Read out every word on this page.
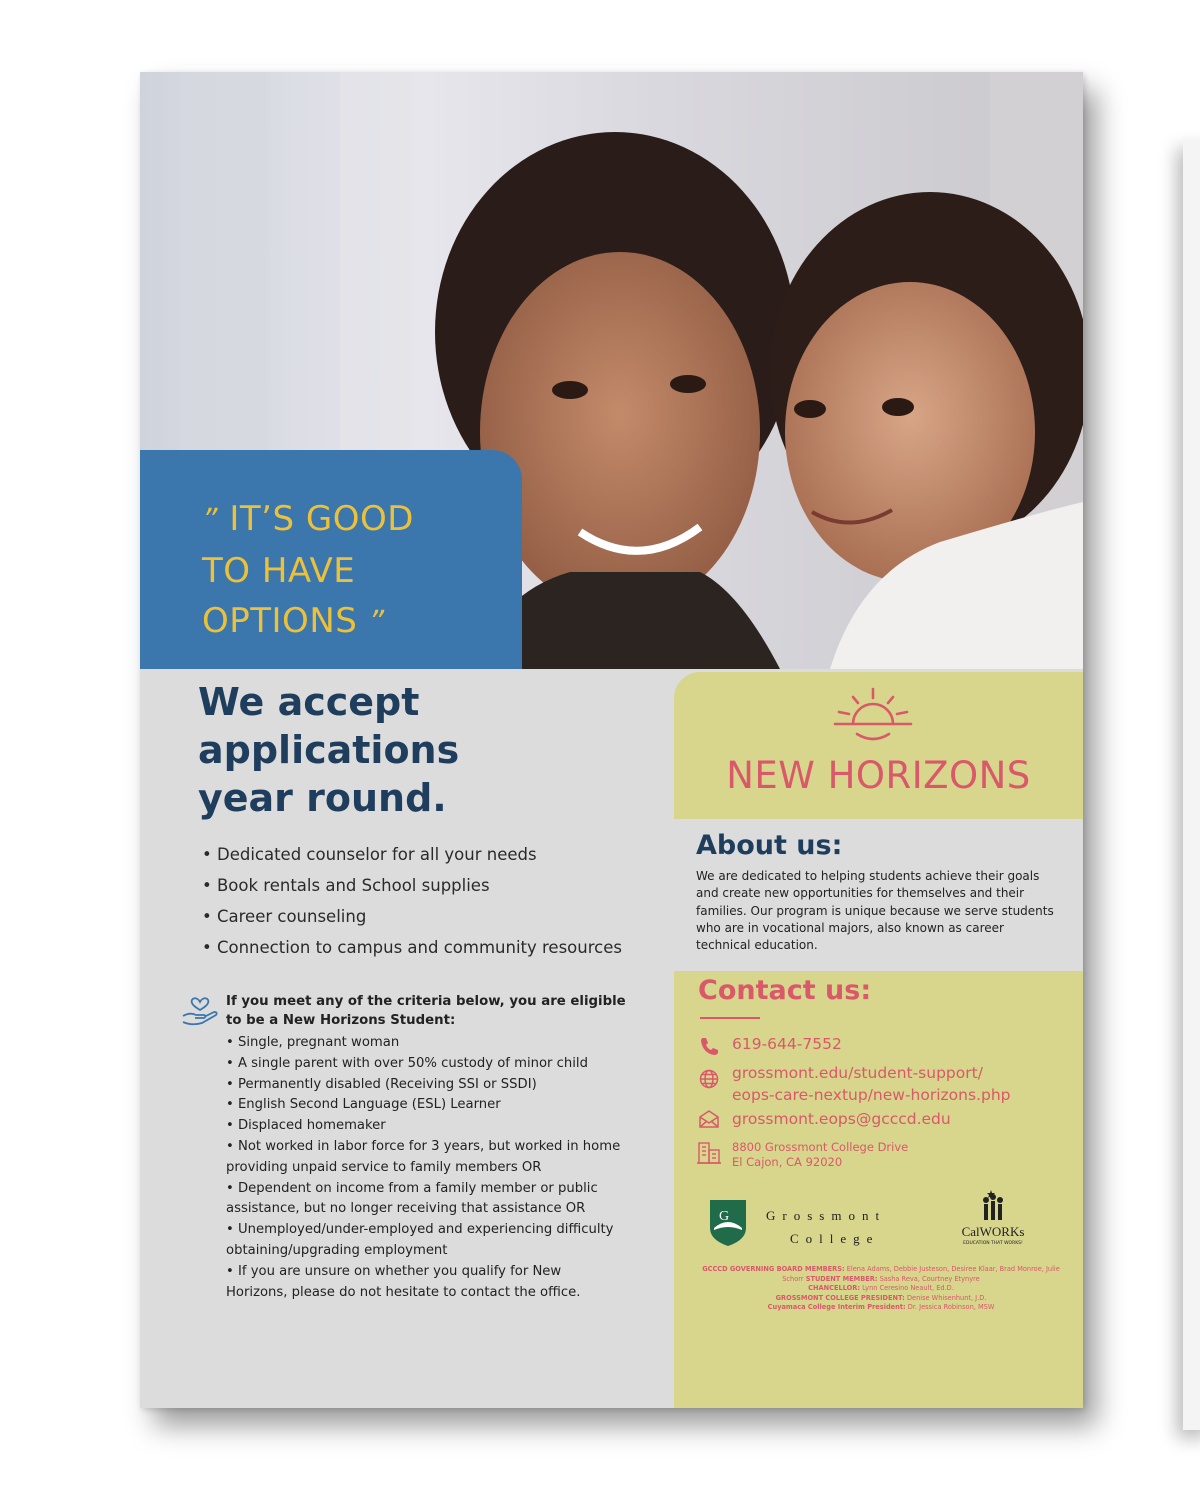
” IT’S GOOD
TO HAVE
OPTIONS ”
We accept
applications
year round.
• Dedicated counselor for all your needs
• Book rentals and School supplies
• Career counseling
• Connection to campus and community resources
If you meet any of the criteria below, you are eligible to be a New Horizons Student:
• Single, pregnant woman
• A single parent with over 50% custody of minor child
• Permanently disabled (Receiving SSI or SSDI)
• English Second Language (ESL) Learner
• Displaced homemaker
• Not worked in labor force for 3 years, but worked in home providing unpaid service to family members OR
• Dependent on income from a family member or public assistance, but no longer receiving that assistance OR
• Unemployed/under-employed and experiencing difficulty obtaining/upgrading employment
• If you are unsure on whether you qualify for New Horizons, please do not hesitate to contact the office.
NEW HORIZONS
About us:
We are dedicated to helping students achieve their goals and create new opportunities for themselves and their families. Our program is unique because we serve students who are in vocational majors, also known as career technical education.
Contact us:
619-644-7552
grossmont.edu/student-support/
eops-care-nextup/new-horizons.php
grossmont.eops@gcccd.edu
8800 Grossmont College Drive
El Cajon, CA 92020
G	Grossmont
College	CalWORKs
EDUCATION THAT WORKS!
GCCCD GOVERNING BOARD MEMBERS: Elena Adams, Debbie Justeson, Desiree Klaar, Brad Monroe, Julie Schorr STUDENT MEMBER: Sasha Reva, Courtney Etynyre
CHANCELLOR: Lynn Ceresino Neault, Ed.D.
GROSSMONT COLLEGE PRESIDENT: Denise Whisenhunt, J.D.
Cuyamaca College Interim President: Dr. Jessica Robinson, MSW
